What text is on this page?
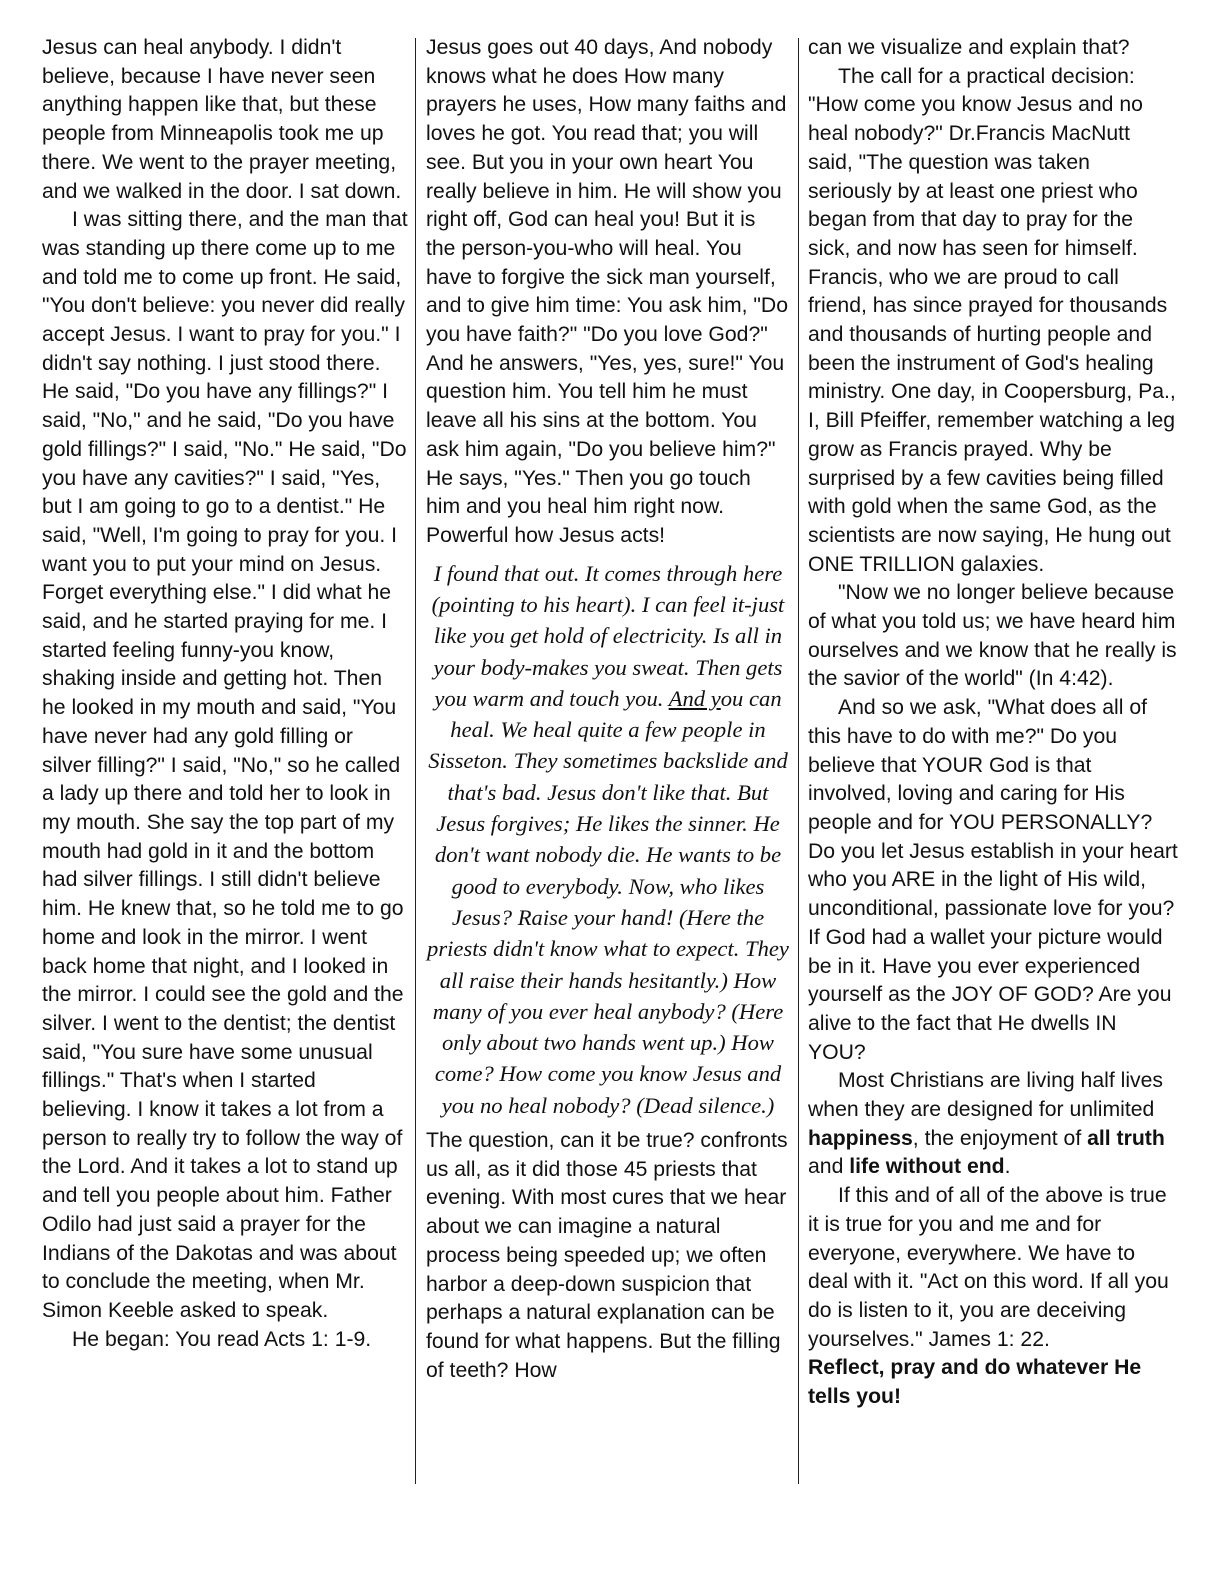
Jesus can heal anybody. I didn't believe, because I have never seen anything happen like that, but these people from Minneapolis took me up there. We went to the prayer meeting, and we walked in the door. I sat down.

I was sitting there, and the man that was standing up there come up to me and told me to come up front. He said, "You don't believe: you never did really accept Jesus. I want to pray for you." I didn't say nothing. I just stood there. He said, "Do you have any fillings?" I said, "No," and he said, "Do you have gold fillings?" I said, "No." He said, "Do you have any cavities?" I said, "Yes, but I am going to go to a dentist." He said, "Well, I'm going to pray for you. I want you to put your mind on Jesus. Forget everything else." I did what he said, and he started praying for me. I started feeling funny-you know, shaking inside and getting hot. Then he looked in my mouth and said, "You have never had any gold filling or silver filling?" I said, "No," so he called a lady up there and told her to look in my mouth. She say the top part of my mouth had gold in it and the bottom had silver fillings. I still didn't believe him. He knew that, so he told me to go home and look in the mirror. I went back home that night, and I looked in the mirror. I could see the gold and the silver. I went to the dentist; the dentist said, "You sure have some unusual fillings." That's when I started believing. I know it takes a lot from a person to really try to follow the way of the Lord. And it takes a lot to stand up and tell you people about him. Father Odilo had just said a prayer for the Indians of the Dakotas and was about to conclude the meeting, when Mr. Simon Keeble asked to speak.

He began: You read Acts 1: 1-9.

Jesus goes out 40 days, And nobody knows what he does How many prayers he uses, How many faiths and loves he got. You read that; you will see. But you in your own heart You really believe in him. He will show you right off, God can heal you! But it is the person-you-who will heal. You have to forgive the sick man yourself, and to give him time: You ask him, "Do you have faith?" "Do you love God?" And he answers, "Yes, yes, sure!" You question him. You tell him he must leave all his sins at the bottom. You ask him again, "Do you believe him?" He says, "Yes." Then you go touch him and you heal him right now. Powerful how Jesus acts!

I found that out. It comes through here (pointing to his heart). I can feel it-just like you get hold of electricity. Is all in your body-makes you sweat. Then gets you warm and touch you. And you can heal. We heal quite a few people in Sisseton. They sometimes backslide and that's bad. Jesus don't like that. But Jesus forgives; He likes the sinner. He don't want nobody die. He wants to be good to everybody. Now, who likes Jesus? Raise your hand! (Here the priests didn't know what to expect. They all raise their hands hesitantly.) How many of you ever heal anybody? (Here only about two hands went up.) How come? How come you know Jesus and you no heal nobody? (Dead silence.)

The question, can it be true? confronts us all, as it did those 45 priests that evening. With most cures that we hear about we can imagine a natural process being speeded up; we often harbor a deep-down suspicion that perhaps a natural explanation can be found for what happens. But the filling of teeth? How

can we visualize and explain that?

The call for a practical decision: "How come you know Jesus and no heal nobody?" Dr.Francis MacNutt said, "The question was taken seriously by at least one priest who began from that day to pray for the sick, and now has seen for himself. Francis, who we are proud to call friend, has since prayed for thousands and thousands of hurting people and been the instrument of God's healing ministry. One day, in Coopersburg, Pa., I, Bill Pfeiffer, remember watching a leg grow as Francis prayed. Why be surprised by a few cavities being filled with gold when the same God, as the scientists are now saying, He hung out ONE TRILLION galaxies.

"Now we no longer believe because of what you told us; we have heard him ourselves and we know that he really is the savior of the world" (In 4:42).

And so we ask, "What does all of this have to do with me?" Do you believe that YOUR God is that involved, loving and caring for His people and for YOU PERSONALLY? Do you let Jesus establish in your heart who you ARE in the light of His wild, unconditional, passionate love for you? If God had a wallet your picture would be in it. Have you ever experienced yourself as the JOY OF GOD? Are you alive to the fact that He dwells IN YOU?

Most Christians are living half lives when they are designed for unlimited happiness, the enjoyment of all truth and life without end.

If this and of all of the above is true it is true for you and me and for everyone, everywhere. We have to deal with it. "Act on this word. If all you do is listen to it, you are deceiving yourselves." James 1: 22.

Reflect, pray and do whatever He tells you!
